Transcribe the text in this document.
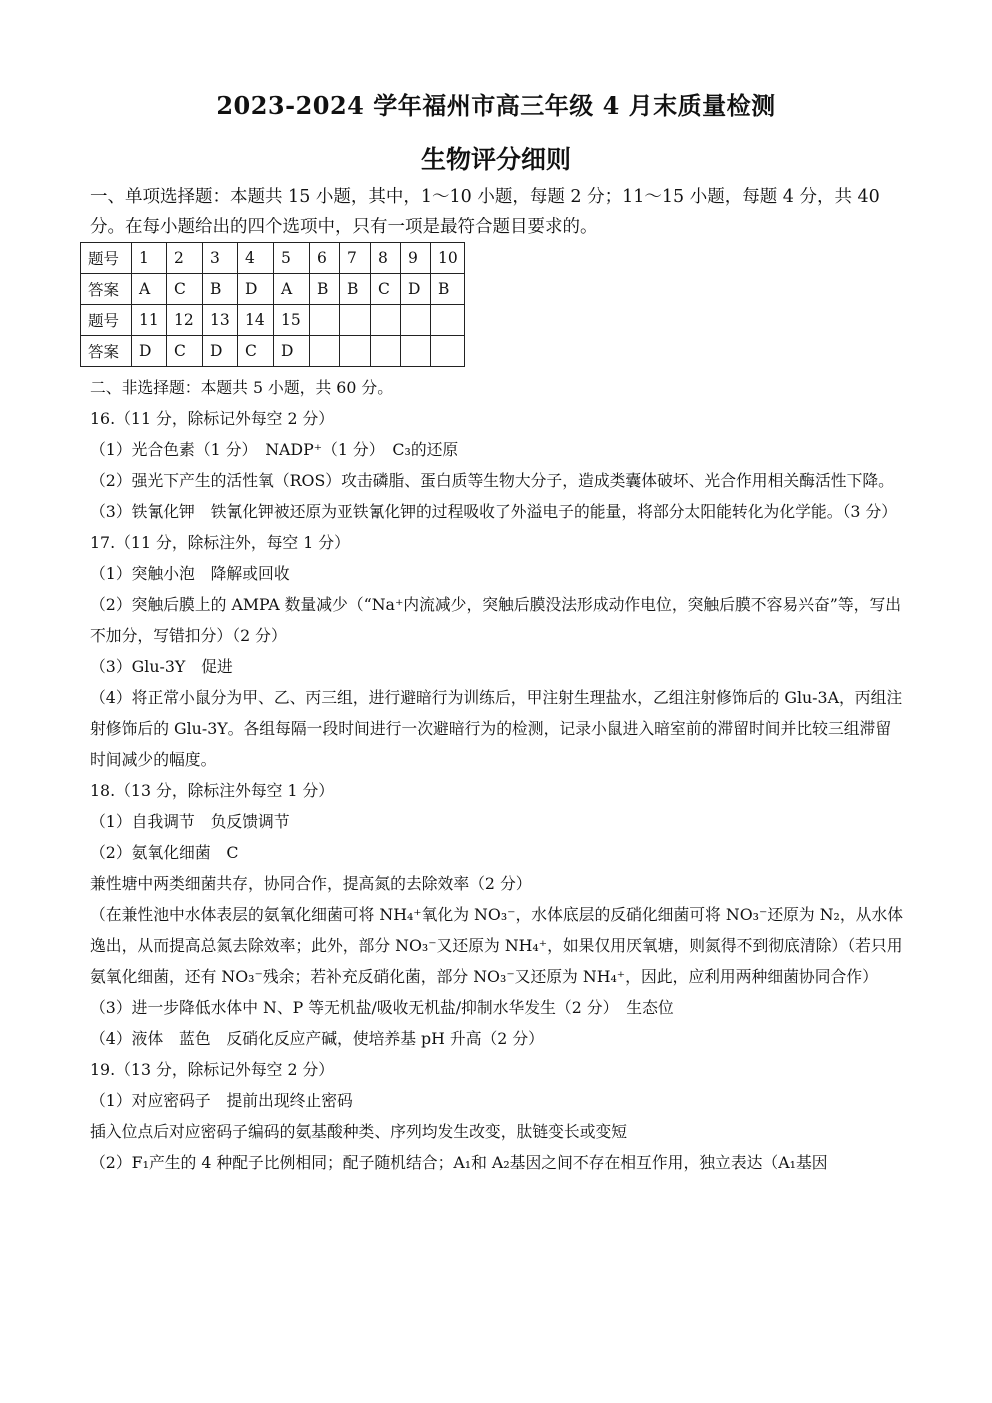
2023-2024 学年福州市高三年级 4 月末质量检测
生物评分细则
一、单项选择题：本题共 15 小题，其中，1～10 小题，每题 2 分；11～15 小题，每题 4 分，共 40 分。在每小题给出的四个选项中，只有一项是最符合题目要求的。
题号	1	2	3	4	5	6	7	8	9	10
答案	A	C	B	D	A	B	B	C	D	B
题号	11	12	13	14	15					
答案	D	C	D	C	D					

二、非选择题：本题共 5 小题，共 60 分。

16.（11 分，除标记外每空 2 分）

（1）光合色素（1 分）　NADP⁺（1 分）　C₃的还原

（2）强光下产生的活性氧（ROS）攻击磷脂、蛋白质等生物大分子，造成类囊体破坏、光合作用相关酶活性下降。

（3）铁氰化钾　铁氰化钾被还原为亚铁氰化钾的过程吸收了外溢电子的能量，将部分太阳能转化为化学能。（3 分）

17.（11 分，除标注外，每空 1 分）

（1）突触小泡　降解或回收

（2）突触后膜上的 AMPA 数量减少（“Na⁺内流减少，突触后膜没法形成动作电位，突触后膜不容易兴奋”等，写出不加分，写错扣分）（2 分）

（3）Glu-3Y　促进

（4）将正常小鼠分为甲、乙、丙三组，进行避暗行为训练后，甲注射生理盐水，乙组注射修饰后的 Glu-3A，丙组注射修饰后的 Glu-3Y。各组每隔一段时间进行一次避暗行为的检测，记录小鼠进入暗室前的滞留时间并比较三组滞留时间减少的幅度。

18.（13 分，除标注外每空 1 分）

（1）自我调节　负反馈调节

（2）氨氧化细菌　C

兼性塘中两类细菌共存，协同合作，提高氮的去除效率（2 分）

（在兼性池中水体表层的氨氧化细菌可将 NH₄⁺氧化为 NO₃⁻，水体底层的反硝化细菌可将 NO₃⁻还原为 N₂，从水体逸出，从而提高总氮去除效率；此外，部分 NO₃⁻又还原为 NH₄⁺，如果仅用厌氧塘，则氮得不到彻底清除）（若只用氨氧化细菌，还有 NO₃⁻残余；若补充反硝化菌，部分 NO₃⁻又还原为 NH₄⁺，因此，应利用两种细菌协同合作）

（3）进一步降低水体中 N、P 等无机盐/吸收无机盐/抑制水华发生（2 分）　生态位

（4）液体　蓝色　反硝化反应产碱，使培养基 pH 升高（2 分）

19.（13 分，除标记外每空 2 分）

（1）对应密码子　提前出现终止密码

插入位点后对应密码子编码的氨基酸种类、序列均发生改变，肽链变长或变短

（2）F₁产生的 4 种配子比例相同；配子随机结合；A₁和 A₂基因之间不存在相互作用，独立表达（A₁基因
